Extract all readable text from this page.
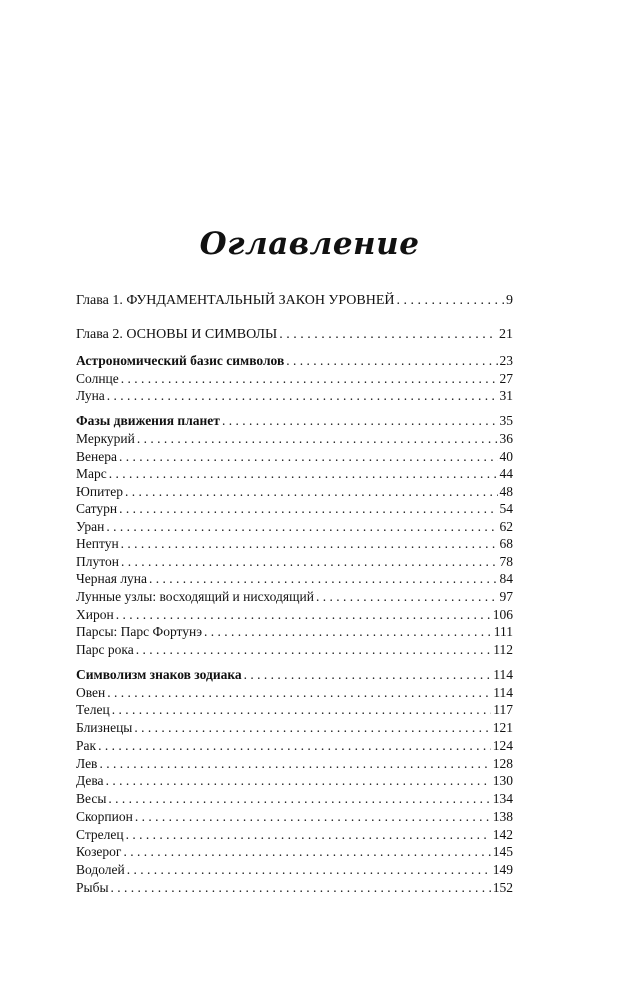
Оглавление
Глава 1. ФУНДАМЕНТАЛЬНЫЙ ЗАКОН УРОВНЕЙ . . .	9
Глава 2. ОСНОВЫ И СИМВОЛЫ . . .	21
Астрономический базис символов . . .	23
Солнце . . .	27
Луна . . .	31
Фазы движения планет . . .	35
Меркурий . . .	36
Венера . . .	40
Марс . . .	44
Юпитер . . .	48
Сатурн . . .	54
Уран . . .	62
Нептун . . .	68
Плутон . . .	78
Черная луна . . .	84
Лунные узлы: восходящий и нисходящий . . .	97
Хирон . . .	106
Парсы: Парс Фортунэ . . .	111
Парс рока . . .	112
Символизм знаков зодиака . . .	114
Овен . . .	114
Телец . . .	117
Близнецы . . .	121
Рак . . .	124
Лев . . .	128
Дева . . .	130
Весы . . .	134
Скорпион . . .	138
Стрелец . . .	142
Козерог . . .	145
Водолей . . .	149
Рыбы . . .	152
